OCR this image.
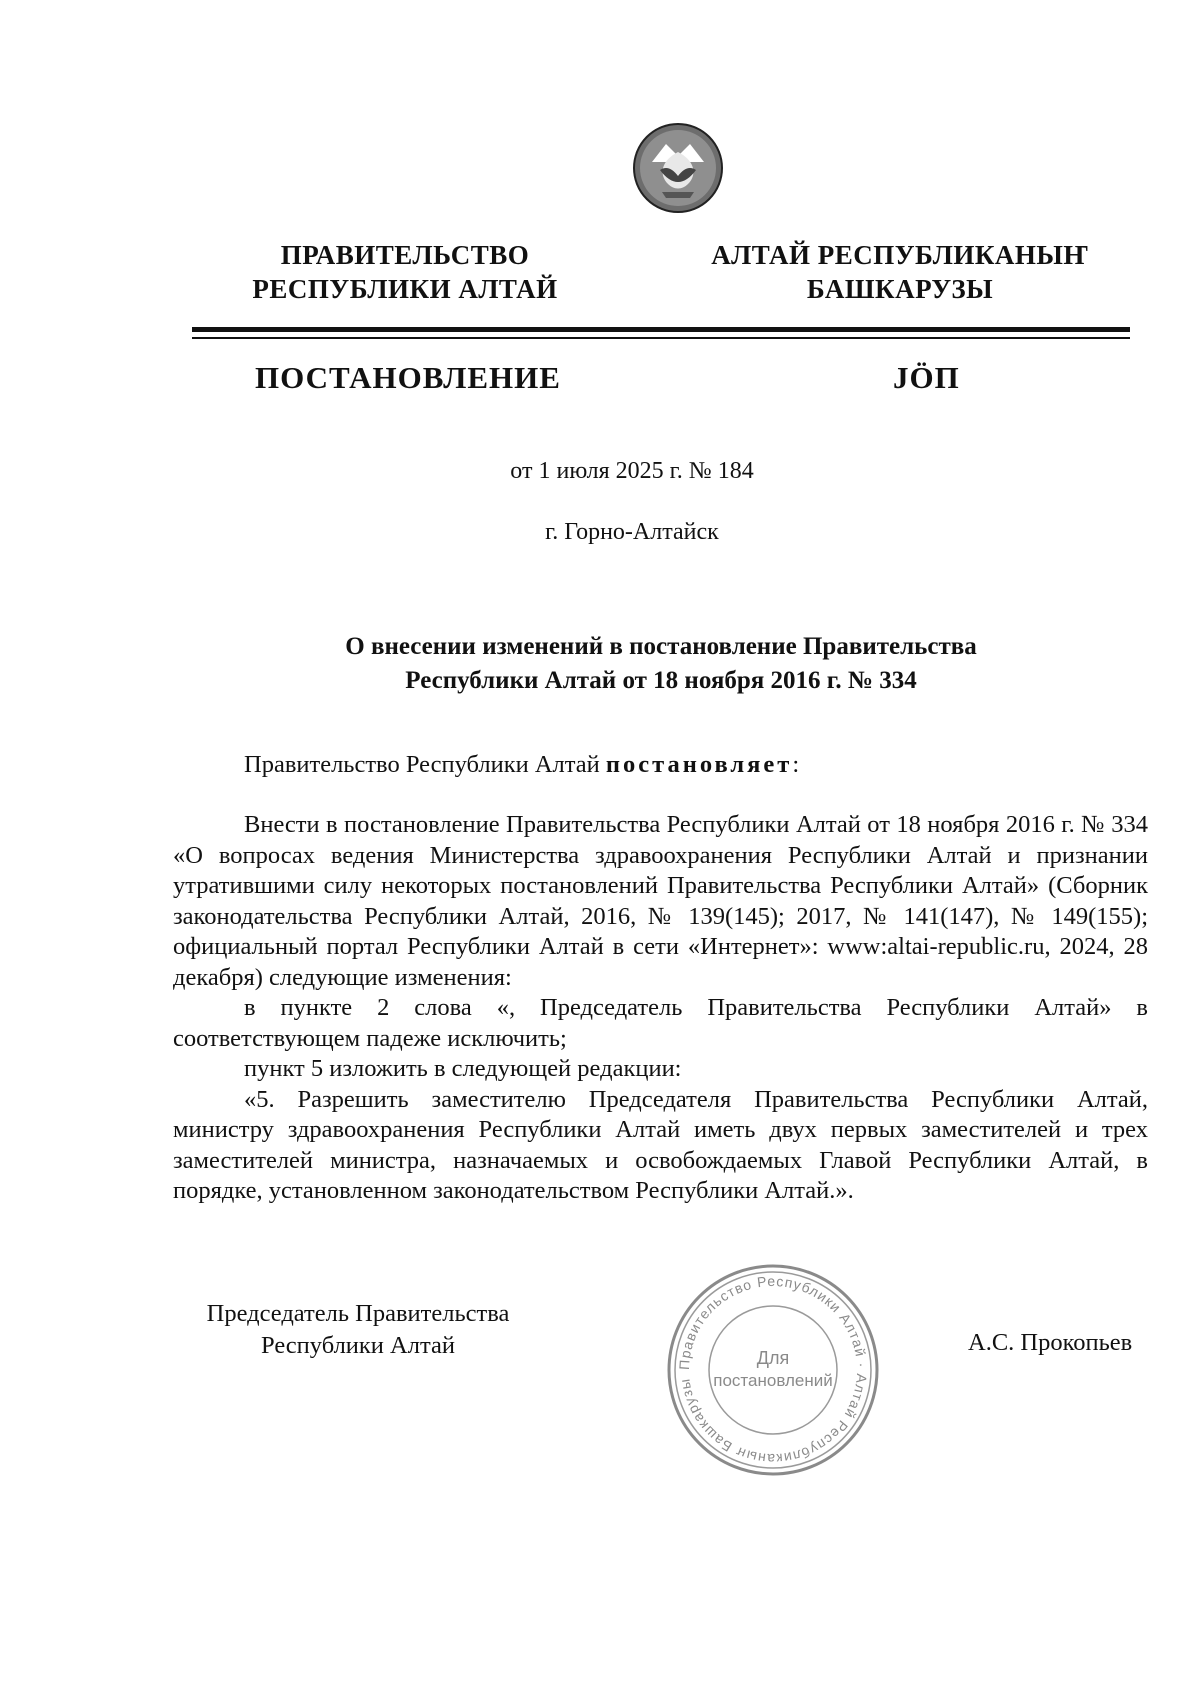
ПРАВИТЕЛЬСТВО
РЕСПУБЛИКИ АЛТАЙ
АЛТАЙ РЕСПУБЛИКАНЫҤ
БАШКАРУЗЫ
ПОСТАНОВЛЕНИЕ	JÖП
от 1 июля 2025 г. № 184
г. Горно-Алтайск
О внесении изменений в постановление Правительства
Республики Алтай от 18 ноября 2016 г. № 334
Правительство Республики Алтай постановляет:
Внести в постановление Правительства Республики Алтай от 18 ноября 2016 г. № 334 «О вопросах ведения Министерства здравоохранения Республики Алтай и признании утратившими силу некоторых постановлений Правительства Республики Алтай» (Сборник законодательства Республики Алтай, 2016, № 139(145); 2017, № 141(147), № 149(155); официальный портал Республики Алтай в сети «Интернет»: www:altai-republic.ru, 2024, 28 декабря) следующие изменения:
в пункте 2 слова «, Председатель Правительства Республики Алтай» в соответствующем падеже исключить;
пункт 5 изложить в следующей редакции:
«5. Разрешить заместителю Председателя Правительства Республики Алтай, министру здравоохранения Республики Алтай иметь двух первых заместителей и трех заместителей министра, назначаемых и освобождаемых Главой Республики Алтай, в порядке, установленном законодательством Республики Алтай.».
Председатель Правительства
Республики Алтай
Правительство Республики Алтай · Алтай Республиканыҥ Башкарузы
Для
постановлений
А.С. Прокопьев
